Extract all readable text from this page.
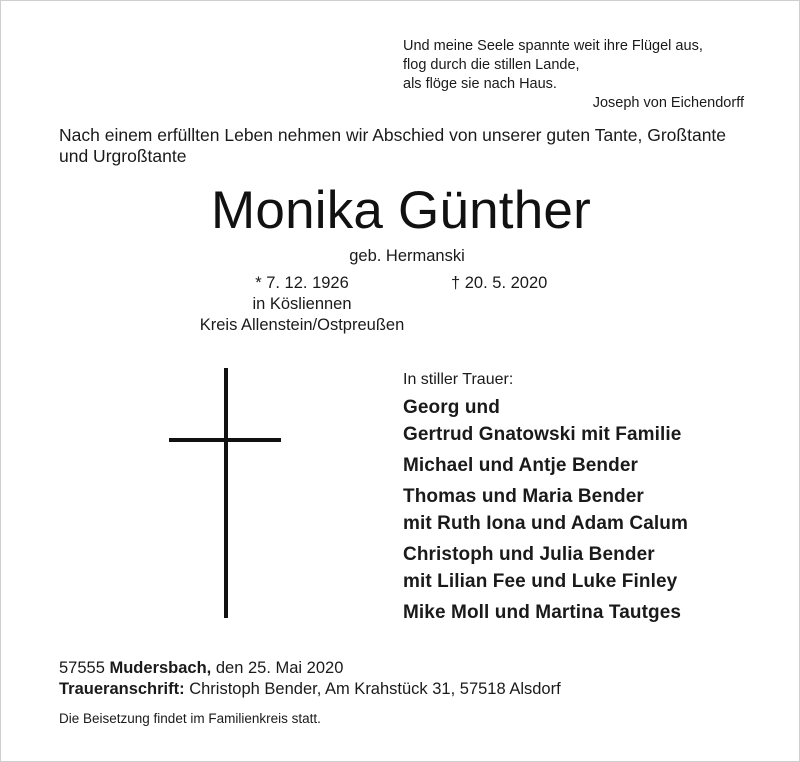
Und meine Seele spannte weit ihre Flügel aus,
flog durch die stillen Lande,
als flöge sie nach Haus.
Joseph von Eichendorff
Nach einem erfüllten Leben nehmen wir Abschied von unserer guten Tante, Großtante
und Urgroßtante
Monika Günther
geb. Hermanski
* 7. 12. 1926
in Kösliennen
Kreis Allenstein/Ostpreußen
† 20. 5. 2020
In stiller Trauer:
Georg und
Gertrud Gnatowski mit Familie
Michael und Antje Bender
Thomas und Maria Bender
mit Ruth Iona und Adam Calum
Christoph und Julia Bender
mit Lilian Fee und Luke Finley
Mike Moll und Martina Tautges
57555 Mudersbach, den 25. Mai 2020
Traueranschrift: Christoph Bender, Am Krahstück 31, 57518 Alsdorf
Die Beisetzung findet im Familienkreis statt.
